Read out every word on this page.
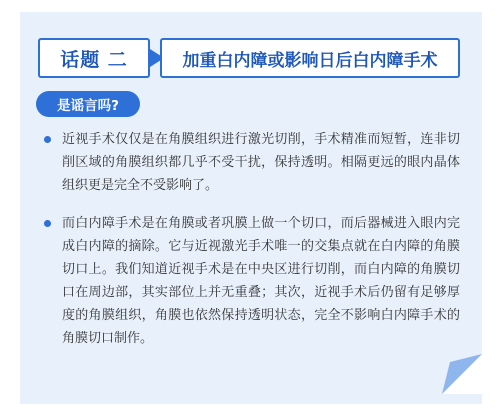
话题 二	加重白内障或影响日后白内障手术
是谣言吗?
近视手术仅仅是在角膜组织进行激光切削，手术精准而短暂，连非切削区域的角膜组织都几乎不受干扰，保持透明。相隔更远的眼内晶体组织更是完全不受影响了。
而白内障手术是在角膜或者巩膜上做一个切口，而后器械进入眼内完成白内障的摘除。它与近视激光手术唯一的交集点就在白内障的角膜切口上。我们知道近视手术是在中央区进行切削，而白内障的角膜切口在周边部，其实部位上并无重叠；其次，近视手术后仍留有足够厚度的角膜组织，角膜也依然保持透明状态，完全不影响白内障手术的角膜切口制作。
